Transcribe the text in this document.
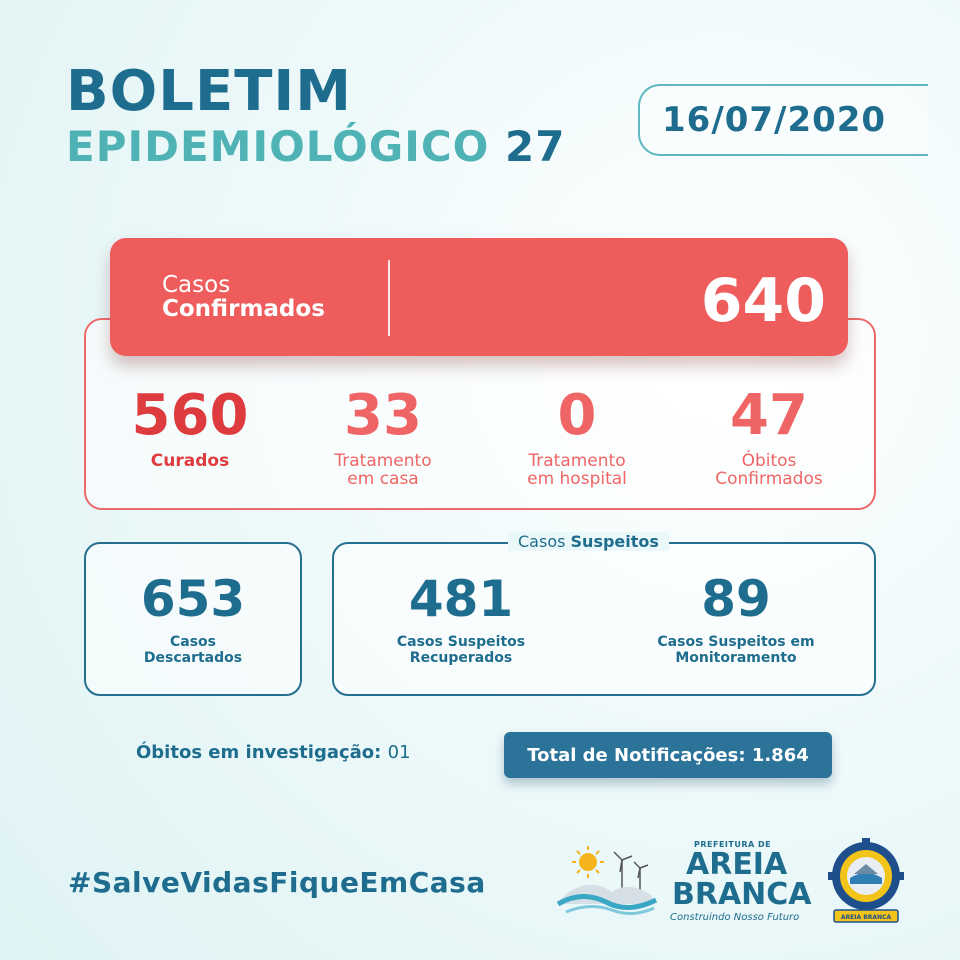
BOLETIM
EPIDEMIOLÓGICO 27
16/07/2020
Casos
Confirmados	640
560
Curados
33
Tratamento
em casa
0
Tratamento
em hospital
47
Óbitos
Confirmados
653
Casos
Descartados
Casos Suspeitos
481
Casos Suspeitos
Recuperados
89
Casos Suspeitos em
Monitoramento
Óbitos em investigação: 01	Total de Notificações: 1.864
#SalveVidasFiqueEmCasa
PREFEITURA DE
AREIA
BRANCA
Construindo Nosso Futuro	AREIA BRANCA
